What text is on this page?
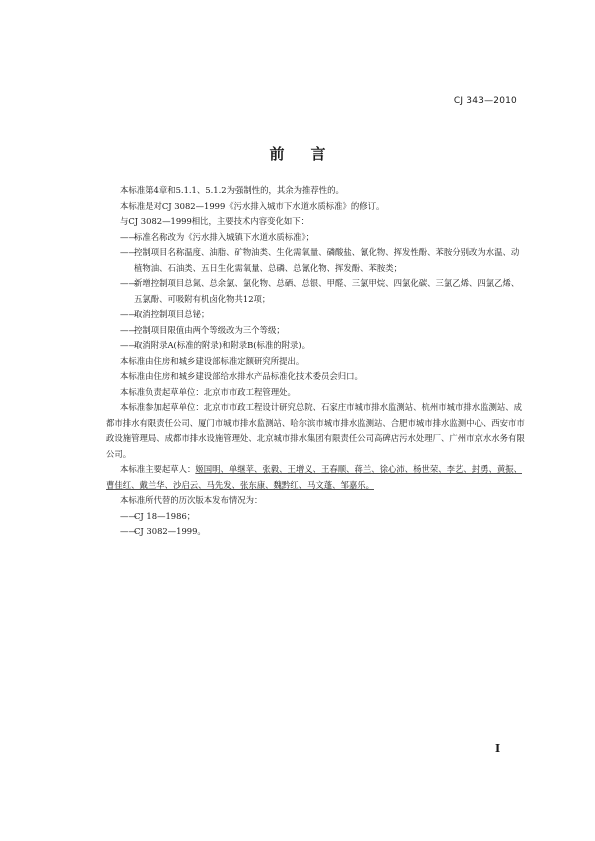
CJ 343—2010
前 言

本标准第4章和5.1.1、5.1.2为强制性的，其余为推荐性的。

本标准是对CJ 3082—1999《污水排入城市下水道水质标准》的修订。

与CJ 3082—1999相比，主要技术内容变化如下：

——标准名称改为《污水排入城镇下水道水质标准》；

——控制项目名称温度、油脂、矿物油类、生化需氧量、磷酸盐、氰化物、挥发性酚、苯胺分别改为水温、动植物油、石油类、五日生化需氧量、总磷、总氰化物、挥发酚、苯胺类；

——新增控制项目总氮、总余氯、氯化物、总硒、总银、甲醛、三氯甲烷、四氯化碳、三氯乙烯、四氯乙烯、五氯酚、可吸附有机卤化物共12项；

——取消控制项目总铋；

——控制项目限值由两个等级改为三个等级；

——取消附录A(标准的附录)和附录B(标准的附录)。

本标准由住房和城乡建设部标准定额研究所提出。

本标准由住房和城乡建设部给水排水产品标准化技术委员会归口。

本标准负责起草单位：北京市市政工程管理处。

本标准参加起草单位：北京市市政工程设计研究总院、石家庄市城市排水监测站、杭州市城市排水监测站、成都市排水有限责任公司、厦门市城市排水监测站、哈尔滨市城市排水监测站、合肥市城市排水监测中心、西安市市政设施管理局、成都市排水设施管理处、北京城市排水集团有限责任公司高碑店污水处理厂、广州市京水水务有限公司。

本标准主要起草人：姬国明、单继苹、张毅、王增义、王春顺、蒋兰、徐心沛、杨世荣、李艺、封勇、黄振、曹佳红、戴兰华、沙启云、马先发、张东康、魏黔红、马文蓬、邹嘉乐。

本标准所代替的历次版本发布情况为：

——CJ 18—1986；

——CJ 3082—1999。

I
